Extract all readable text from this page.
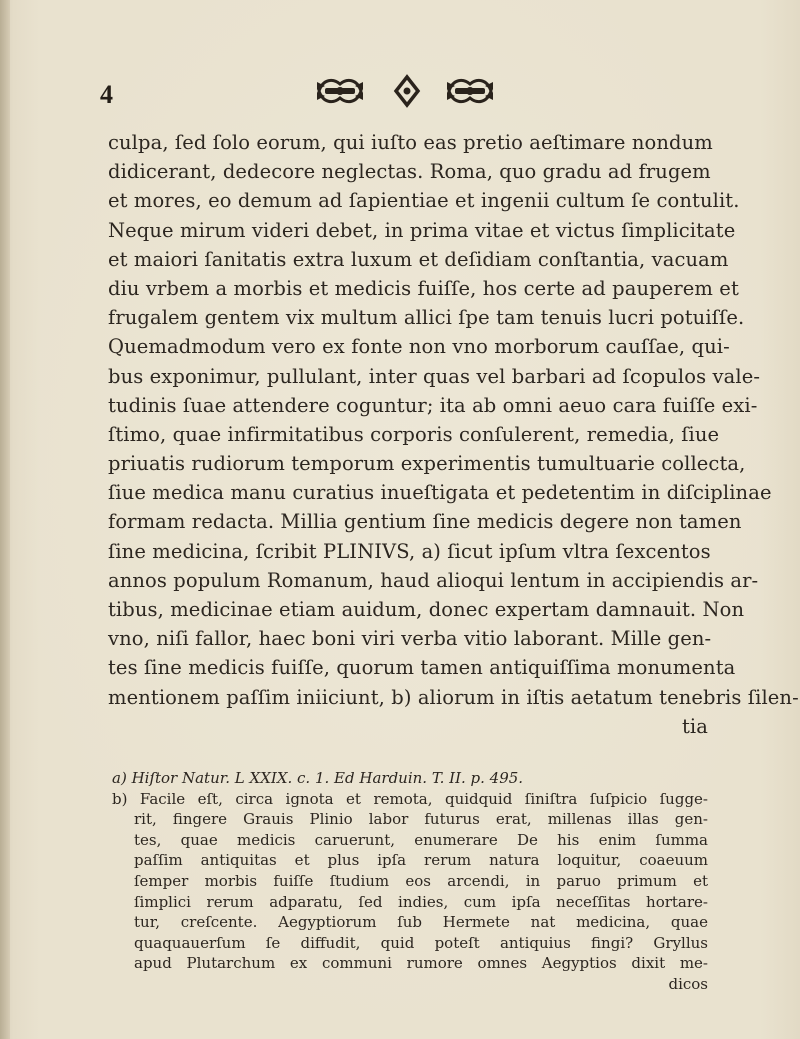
4
culpa, ſed ſolo eorum, qui iuſto eas pretio aeſtimare nondum
didicerant, dedecore neglectas. Roma, quo gradu ad frugem
et mores, eo demum ad ſapientiae et ingenii cultum ſe contulit.
Neque mirum videri debet, in prima vitae et victus ſimplicitate
et maiori ſanitatis extra luxum et deſidiam conſtantia, vacuam
diu vrbem a morbis et medicis fuiſſe, hos certe ad pauperem et
frugalem gentem vix multum allici ſpe tam tenuis lucri potuiſſe.
Quemadmodum vero ex fonte non vno morborum cauſſae, qui-
bus exponimur, pullulant, inter quas vel barbari ad ſcopulos vale-
tudinis ſuae attendere coguntur; ita ab omni aeuo cara fuiſſe exi-
ſtimo, quae infirmitatibus corporis conſulerent, remedia, ſiue
priuatis rudiorum temporum experimentis tumultuarie collecta,
ſiue medica manu curatius inueſtigata et pedetentim in diſciplinae
formam redacta. Millia gentium ſine medicis degere non tamen
ſine medicina, ſcribit PLINIVS, a) ſicut ipſum vltra ſexcentos
annos populum Romanum, haud alioqui lentum in accipiendis ar-
tibus, medicinae etiam auidum, donec expertam damnauit. Non
vno, niſi fallor, haec boni viri verba vitio laborant. Mille gen-
tes ſine medicis fuiſſe, quorum tamen antiquiſſima monumenta
mentionem paſſim iniiciunt, b) aliorum in iſtis aetatum tenebris ſilen-
tia
a) Hiſtor Natur. L XXIX. c. 1. Ed Harduin. T. II. p. 495.
b) Facile eſt, circa ignota et remota, quidquid ſiniſtra ſuſpicio ſugge-
rit, fingere Grauis Plinio labor futurus erat, millenas illas gen-
tes, quae medicis caruerunt, enumerare De his enim ſumma
paſſim antiquitas et plus ipſa rerum natura loquitur, coaeuum
ſemper morbis fuiſſe ſtudium eos arcendi, in paruo primum et
ſimplici rerum adparatu, ſed indies, cum ipſa neceſſitas hortare-
tur, creſcente. Aegyptiorum ſub Hermete nat medicina, quae
quaquauerſum ſe diffudit, quid poteſt antiquius fingi? Gryllus
apud Plutarchum ex communi rumore omnes Aegyptios dixit me-
dicos
